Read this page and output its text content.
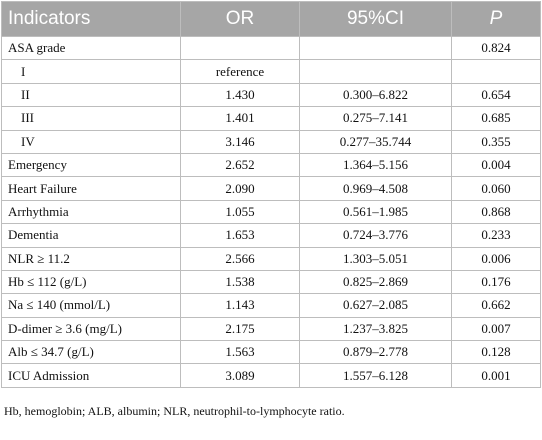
Indicators	OR	95%CI	P
ASA grade			0.824
I	reference		
II	1.430	0.300–6.822	0.654
III	1.401	0.275–7.141	0.685
IV	3.146	0.277–35.744	0.355
Emergency	2.652	1.364–5.156	0.004
Heart Failure	2.090	0.969–4.508	0.060
Arrhythmia	1.055	0.561–1.985	0.868
Dementia	1.653	0.724–3.776	0.233
NLR ≥ 11.2	2.566	1.303–5.051	0.006
Hb ≤ 112 (g/L)	1.538	0.825–2.869	0.176
Na ≤ 140 (mmol/L)	1.143	0.627–2.085	0.662
D-dimer ≥ 3.6 (mg/L)	2.175	1.237–3.825	0.007
Alb ≤ 34.7 (g/L)	1.563	0.879–2.778	0.128
ICU Admission	3.089	1.557–6.128	0.001
Hb, hemoglobin; ALB, albumin; NLR, neutrophil-to-lymphocyte ratio.
